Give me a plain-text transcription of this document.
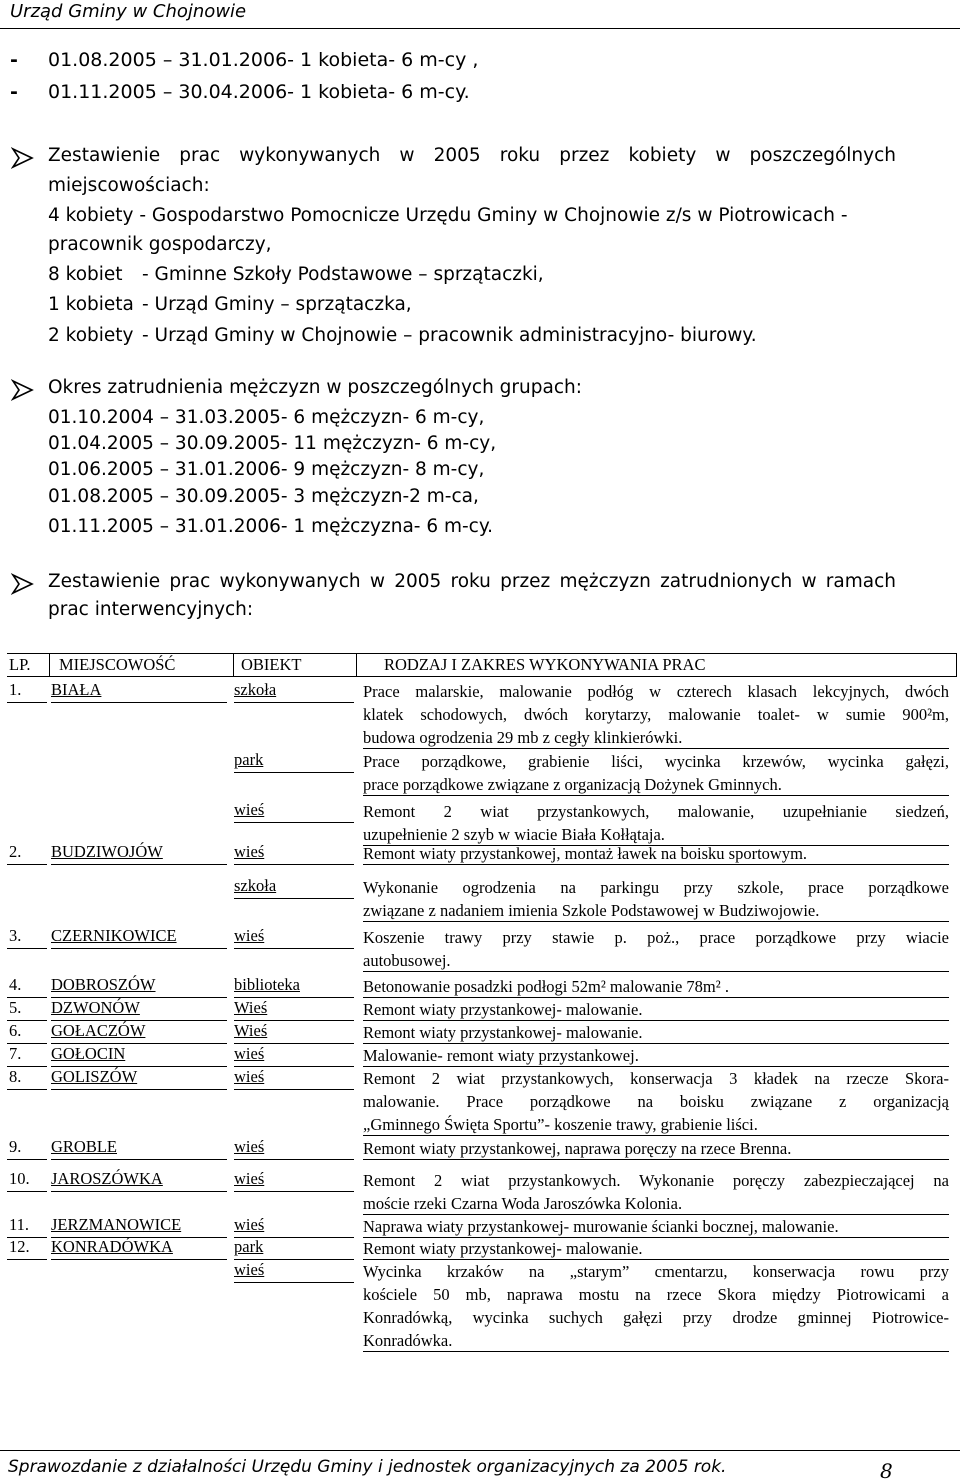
Urząd Gminy w Chojnowie
- 01.08.2005 – 31.01.2006- 1 kobieta- 6 m-cy ,
- 01.11.2005 – 30.04.2006- 1 kobieta- 6 m-cy.
Zestawienie prac wykonywanych w 2005 roku przez kobiety w poszczególnych
miejscowościach:
4 kobiety - Gospodarstwo Pomocnicze Urzędu Gminy w Chojnowie z/s w Piotrowicach -
pracownik gospodarczy,
8 kobiet - Gminne Szkoły Podstawowe – sprzątaczki,
1 kobieta - Urząd Gminy – sprzątaczka,
2 kobiety - Urząd Gminy w Chojnowie – pracownik administracyjno- biurowy.
Okres zatrudnienia mężczyzn w poszczególnych grupach:
01.10.2004 – 31.03.2005- 6 mężczyzn- 6 m-cy,
01.04.2005 – 30.09.2005- 11 mężczyzn- 6 m-cy,
01.06.2005 – 31.01.2006- 9 mężczyzn- 8 m-cy,
01.08.2005 – 30.09.2005- 3 mężczyzn-2 m-ca,
01.11.2005 – 31.01.2006- 1 mężczyzna- 6 m-cy.
Zestawienie prac wykonywanych w 2005 roku przez mężczyzn zatrudnionych w ramach
prac interwencyjnych:
LP. MIEJSCOWOŚĆ	OBIEKT	RODZAJ I ZAKRES WYKONYWANIA PRAC
1. BIAŁA	szkoła	Prace malarskie, malowanie podłóg w czterech klasach lekcyjnych, dwóch
klatek schodowych, dwóch korytarzy, malowanie toalet- w sumie 900²m,
budowa ogrodzenia 29 mb z cegły klinkierówki.
park	Prace porządkowe, grabienie liści, wycinka krzewów, wycinka gałęzi,
prace porządkowe związane z organizacją Dożynek Gminnych.
wieś	Remont 2 wiat przystankowych, malowanie, uzupełnianie siedzeń,
uzupełnienie 2 szyb w wiacie Biała Kołłątaja.
2. BUDZIWOJÓW	wieś	Remont wiaty przystankowej, montaż ławek na boisku sportowym.
szkoła	Wykonanie ogrodzenia na parkingu przy szkole, prace porządkowe
związane z nadaniem imienia Szkole Podstawowej w Budziwojowie.
3. CZERNIKOWICE	wieś	Koszenie trawy przy stawie p. poż., prace porządkowe przy wiacie
autobusowej.
4. DOBROSZÓW	biblioteka	Betonowanie posadzki podłogi 52m² malowanie 78m² .
5. DZWONÓW	Wieś	Remont wiaty przystankowej- malowanie.
6. GOŁACZÓW	Wieś	Remont wiaty przystankowej- malowanie.
7. GOŁOCIN	wieś	Malowanie- remont wiaty przystankowej.
8. GOLISZÓW	wieś	Remont 2 wiat przystankowych, konserwacja 3 kładek na rzecze Skora-
malowanie. Prace porządkowe na boisku związane z organizacją
„Gminnego Święta Sportu”- koszenie trawy, grabienie liści.
9. GROBLE	wieś	Remont wiaty przystankowej, naprawa poręczy na rzece Brenna.
10. JAROSZÓWKA	wieś	Remont 2 wiat przystankowych. Wykonanie poręczy zabezpieczającej na
moście rzeki Czarna Woda Jaroszówka Kolonia.
11. JERZMANOWICE	wieś	Naprawa wiaty przystankowej- murowanie ścianki bocznej, malowanie.
12. KONRADÓWKA	park	Remont wiaty przystankowej- malowanie.
wieś	Wycinka krzaków na „starym” cmentarzu, konserwacja rowu przy
kościele 50 mb, naprawa mostu na rzece Skora między Piotrowicami a
Konradówką, wycinka suchych gałęzi przy drodze gminnej Piotrowice-
Konradówka.
Sprawozdanie z działalności Urzędu Gminy i jednostek organizacyjnych za 2005 rok.	8
